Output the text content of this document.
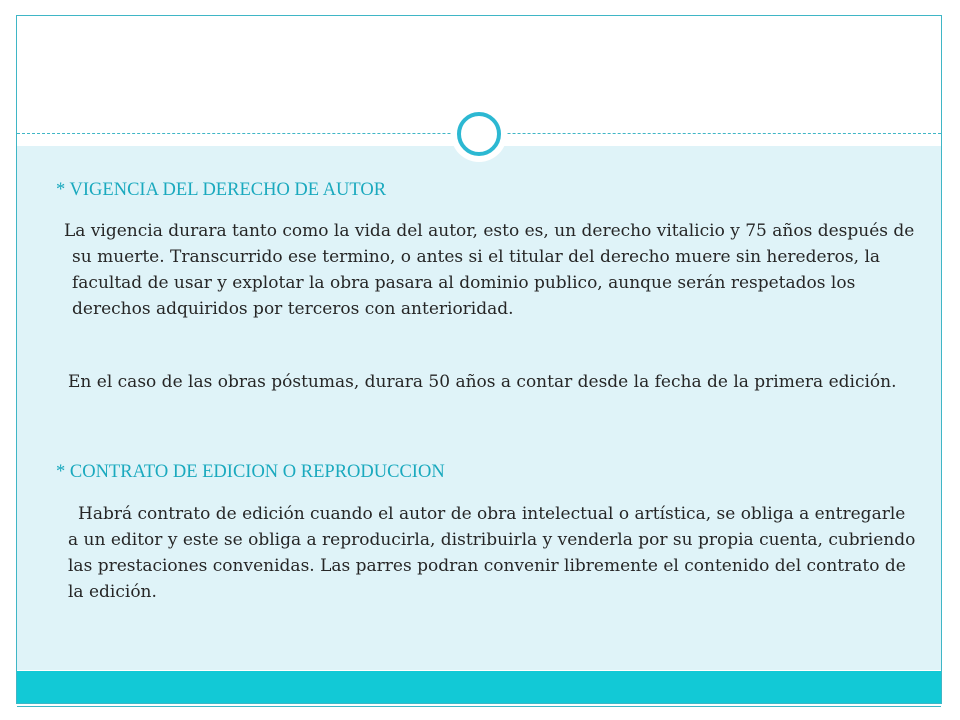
* VIGENCIA DEL DERECHO DE AUTOR

La vigencia durara tanto como la vida del autor, esto es, un derecho vitalicio y 75 años después de su muerte. Transcurrido ese termino, o antes si el titular del derecho muere sin herederos, la facultad de usar y explotar la obra pasara al dominio publico, aunque serán respetados los derechos adquiridos por terceros con anterioridad.

En el caso de las obras póstumas, durara 50 años a contar desde la fecha de la primera edición.

* CONTRATO DE EDICION O REPRODUCCION

Habrá contrato de edición cuando el autor de obra intelectual o artística, se obliga a entregarle a un editor y este se obliga a reproducirla, distribuirla y venderla por su propia cuenta, cubriendo las prestaciones convenidas. Las parres podran convenir libremente el contenido del contrato de la edición.
